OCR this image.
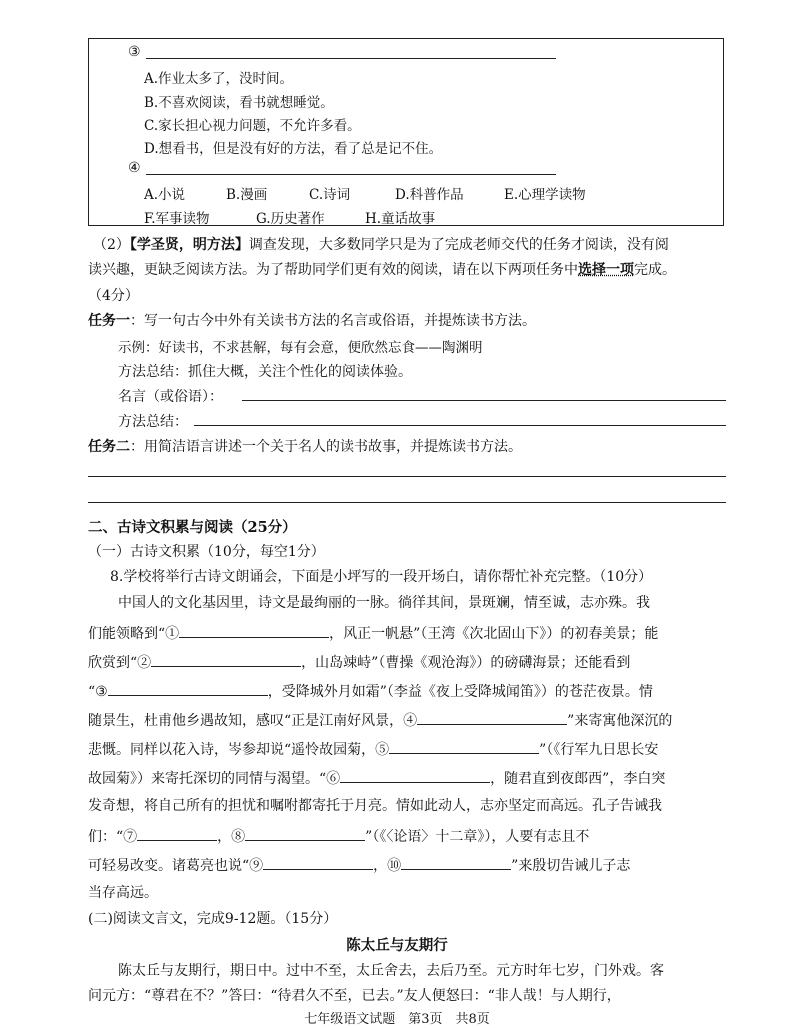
③
A.作业太多了，没时间。
B.不喜欢阅读，看书就想睡觉。
C.家长担心视力问题，不允许多看。
D.想看书，但是没有好的方法，看了总是记不住。
④
A.小说	B.漫画	C.诗词	D.科普作品	E.心理学读物
F.军事读物	G.历史著作	H.童话故事
（2）【学圣贤，明方法】调查发现，大多数同学只是为了完成老师交代的任务才阅读，没有阅
读兴趣，更缺乏阅读方法。为了帮助同学们更有效的阅读，请在以下两项任务中选择一项完成。
（4分）
任务一：写一句古今中外有关读书方法的名言或俗语，并提炼读书方法。
示例：好读书，不求甚解，每有会意，便欣然忘食——陶渊明
方法总结：抓住大概，关注个性化的阅读体验。
名言（或俗语）：
方法总结：
任务二：用简洁语言讲述一个关于名人的读书故事，并提炼读书方法。
二、古诗文积累与阅读（25分）
（一）古诗文积累（10分，每空1分）
8.学校将举行古诗文朗诵会，下面是小坪写的一段开场白，请你帮忙补充完整。（10分）
中国人的文化基因里，诗文是最绚丽的一脉。徜徉其间，景斑斓，情至诚，志亦殊。我
们能领略到“①	，风正一帆悬”（王湾《次北固山下》）的初春美景；能
欣赏到“②	，山岛竦峙”（曹操《观沧海》）的磅礴海景；还能看到
“③	，受降城外月如霜”（李益《夜上受降城闻笛》）的苍茫夜景。情
随景生，杜甫他乡遇故知，感叹“正是江南好风景，④	”来寄寓他深沉的
悲慨。同样以花入诗，岑参却说“遥怜故园菊，⑤	”（《行军九日思长安
故园菊》）来寄托深切的同情与渴望。“⑥	，随君直到夜郎西”，李白突
发奇想，将自己所有的担忧和嘱咐都寄托于月亮。情如此动人，志亦坚定而高远。孔子告诫我
们：“⑦	，⑧	”（《〈论语〉十二章》），人要有志且不
可轻易改变。诸葛亮也说“⑨	，⑩	”来殷切告诫儿子志
当存高远。
(二)阅读文言文，完成9-12题。（15分）
陈太丘与友期行
陈太丘与友期行，期日中。过中不至，太丘舍去，去后乃至。元方时年七岁，门外戏。客
问元方：“尊君在不？”答曰：“待君久不至，已去。”友人便怒曰：“非人哉！与人期行，
七年级语文试题　第3页　共8页
